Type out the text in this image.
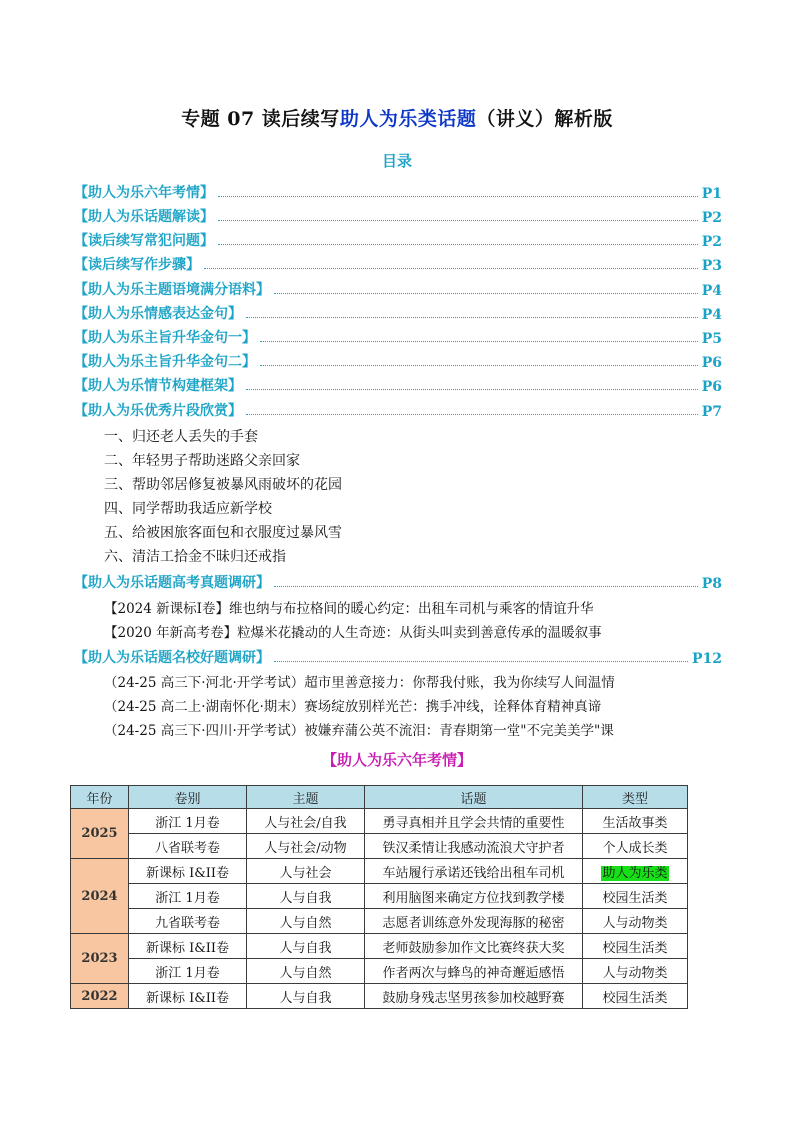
专题 07 读后续写助人为乐类话题（讲义）解析版
目录
【助人为乐六年考情】	P1
【助人为乐话题解读】	P2
【读后续写常犯问题】	P2
【读后续写作步骤】	P3
【助人为乐主题语境满分语料】	P4
【助人为乐情感表达金句】	P4
【助人为乐主旨升华金句一】	P5
【助人为乐主旨升华金句二】	P6
【助人为乐情节构建框架】	P6
【助人为乐优秀片段欣赏】	P7
一、归还老人丢失的手套
二、年轻男子帮助迷路父亲回家
三、帮助邻居修复被暴风雨破坏的花园
四、同学帮助我适应新学校
五、给被困旅客面包和衣服度过暴风雪
六、清洁工拾金不昧归还戒指
【助人为乐话题高考真题调研】	P8
【2024 新课标Ⅰ卷】维也纳与布拉格间的暖心约定：出租车司机与乘客的情谊升华
【2020 年新高考卷】粒爆米花撬动的人生奇迹：从街头叫卖到善意传承的温暖叙事
【助人为乐话题名校好题调研】	P12
（24-25 高三下·河北·开学考试）超市里善意接力：你帮我付账，我为你续写人间温情
（24-25 高二上·湖南怀化·期末）赛场绽放别样光芒：携手冲线，诠释体育精神真谛
（24-25 高三下·四川·开学考试）被嫌弃蒲公英不流泪：青春期第一堂"不完美美学"课
【助人为乐六年考情】
年份	卷别	主题	话题	类型
2025	浙江 1月卷	人与社会/自我	勇寻真相并且学会共情的重要性	生活故事类
	八省联考卷	人与社会/动物	铁汉柔情让我感动流浪犬守护者	个人成长类
2024	新课标 I&II卷	人与社会	车站履行承诺还钱给出租车司机	助人为乐类
	浙江 1月卷	人与自我	利用脑图来确定方位找到教学楼	校园生活类
	九省联考卷	人与自然	志愿者训练意外发现海豚的秘密	人与动物类
2023	新课标 I&II卷	人与自我	老师鼓励参加作文比赛终获大奖	校园生活类
	浙江 1月卷	人与自然	作者两次与蜂鸟的神奇邂逅感悟	人与动物类
2022	新课标 I&II卷	人与自我	鼓励身残志坚男孩参加校越野赛	校园生活类
